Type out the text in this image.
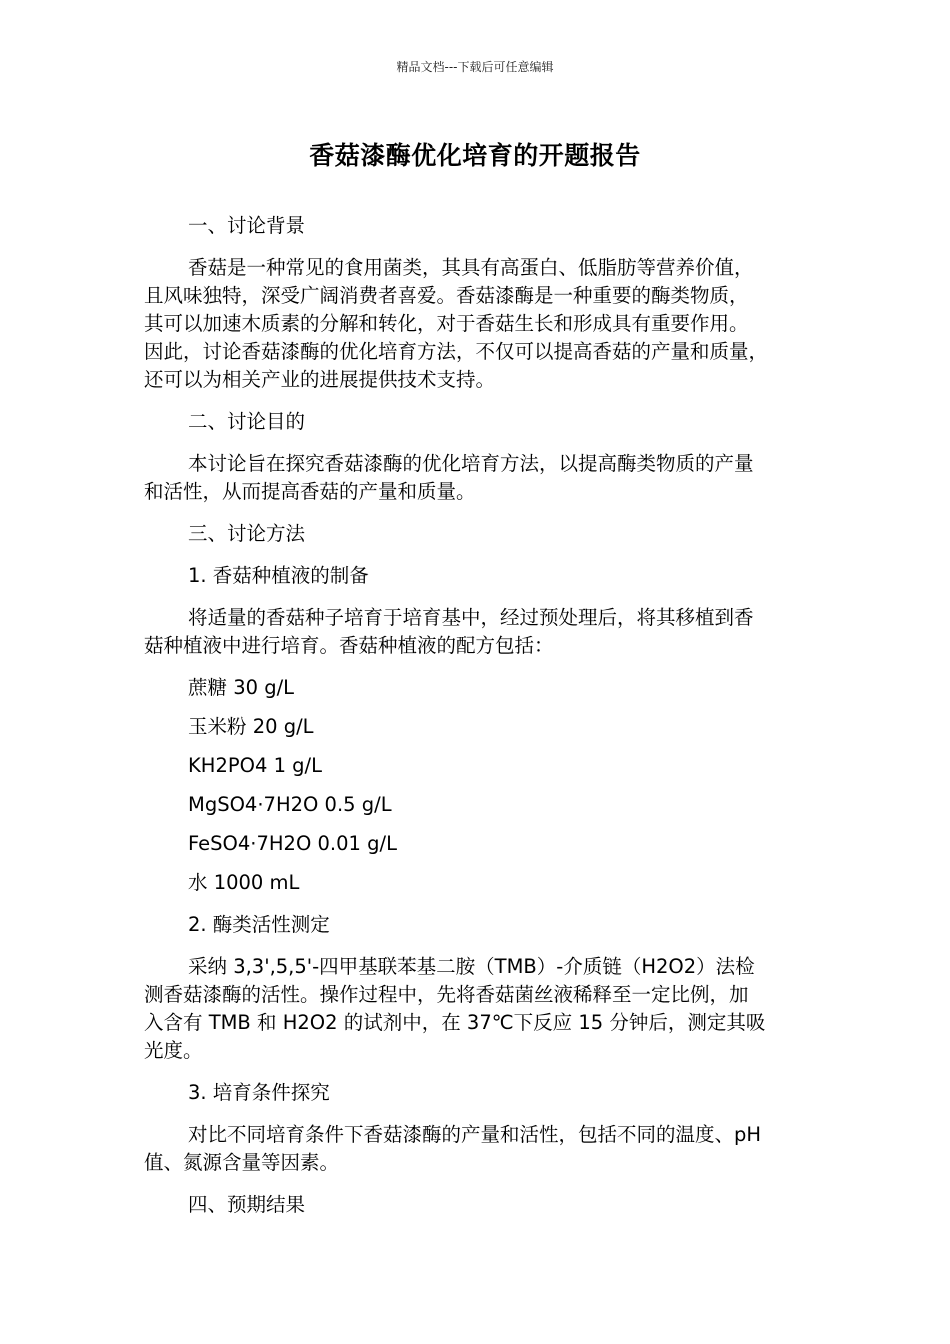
精品文档---下载后可任意编辑
香菇漆酶优化培育的开题报告

一、讨论背景

香菇是一种常见的食用菌类，其具有高蛋白、低脂肪等营养价值，

且风味独特，深受广阔消费者喜爱。香菇漆酶是一种重要的酶类物质，

其可以加速木质素的分解和转化，对于香菇生长和形成具有重要作用。

因此，讨论香菇漆酶的优化培育方法，不仅可以提高香菇的产量和质量，

还可以为相关产业的进展提供技术支持。

二、讨论目的

本讨论旨在探究香菇漆酶的优化培育方法，以提高酶类物质的产量

和活性，从而提高香菇的产量和质量。

三、讨论方法

1. 香菇种植液的制备

将适量的香菇种子培育于培育基中，经过预处理后，将其移植到香

菇种植液中进行培育。香菇种植液的配方包括：

蔗糖 30 g/L

玉米粉 20 g/L

KH2PO4 1 g/L

MgSO4·7H2O 0.5 g/L

FeSO4·7H2O 0.01 g/L

水 1000 mL

2. 酶类活性测定

采纳 3,3',5,5'-四甲基联苯基二胺（TMB）-介质链（H2O2）法检

测香菇漆酶的活性。操作过程中，先将香菇菌丝液稀释至一定比例，加

入含有 TMB 和 H2O2 的试剂中，在 37℃下反应 15 分钟后，测定其吸

光度。

3. 培育条件探究

对比不同培育条件下香菇漆酶的产量和活性，包括不同的温度、pH

值、氮源含量等因素。

四、预期结果
